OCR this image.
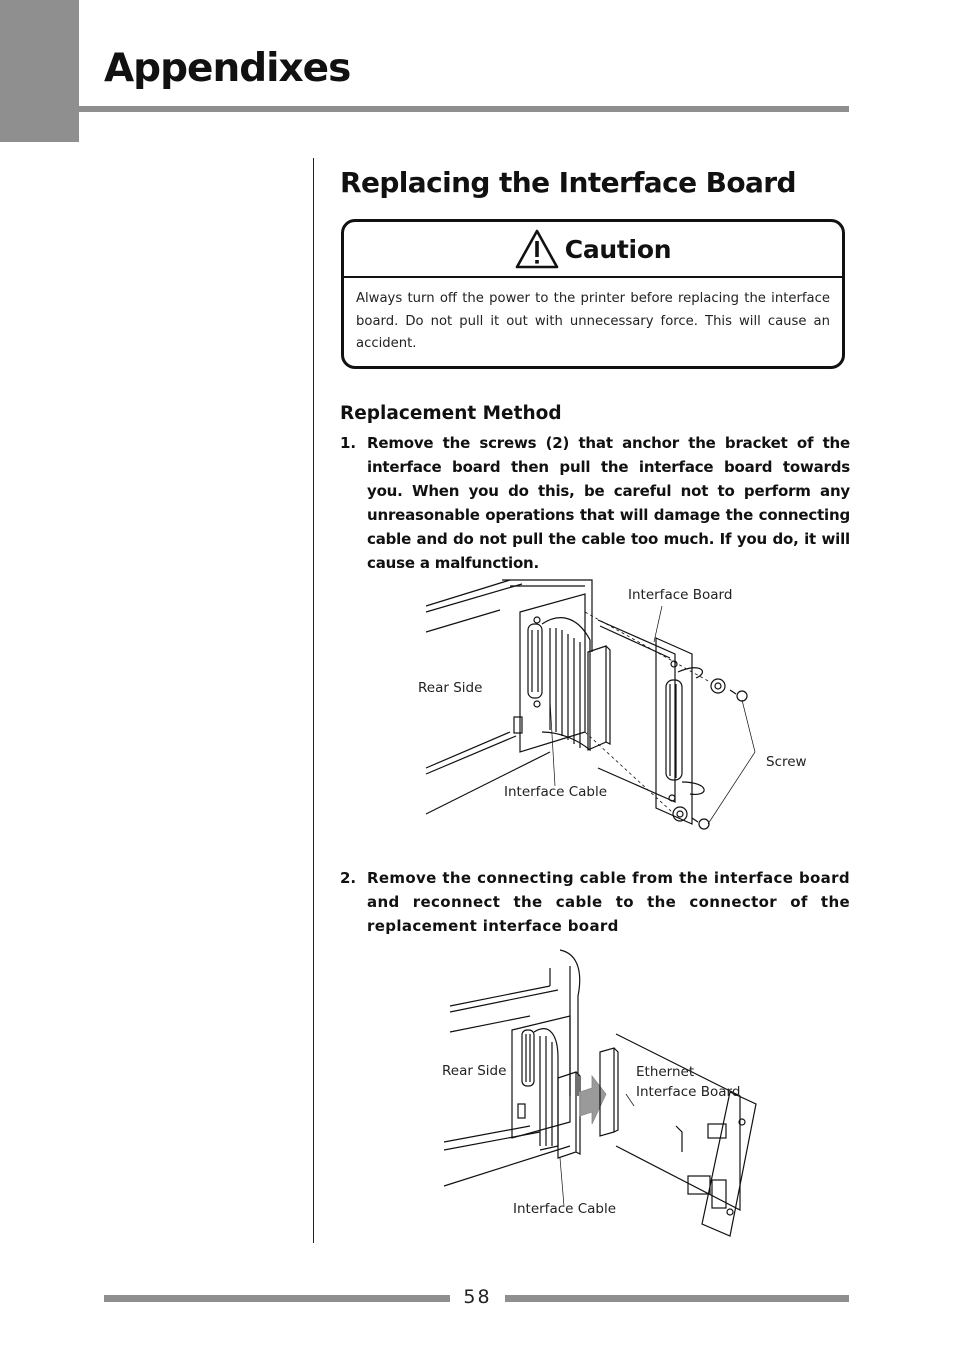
Appendixes
Replacing the Interface Board
Caution

Always turn off the power to the printer before replacing the interface board. Do not pull it out with unnecessary force. This will cause an accident.

Replacement Method
1. Remove the screws (2) that anchor the bracket of the interface board then pull the interface board towards you. When you do this, be careful not to perform any unreasonable operations that will damage the connecting cable and do not pull the cable too much. If you do, it will cause a malfunction.

Interface Board
Rear Side
Screw
Interface Cable
2. Remove the connecting cable from the interface board and reconnect the cable to the connector of the replacement interface board

Rear Side	Ethernet
Interface Board
Interface Cable
58
